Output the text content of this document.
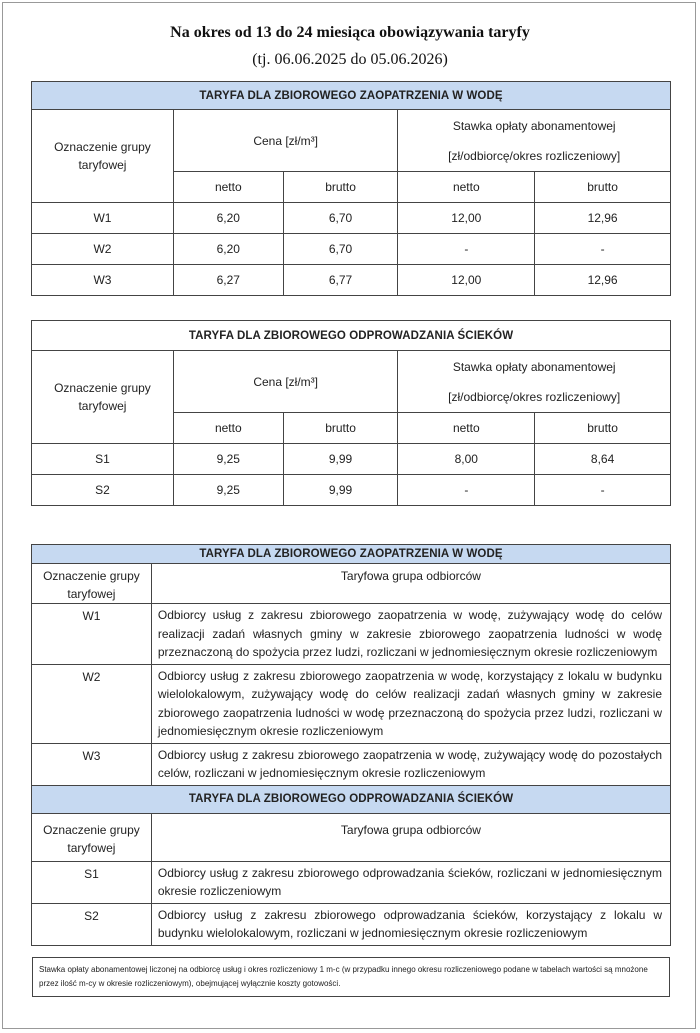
Na okres od 13 do 24 miesiąca obowiązywania taryfy
(tj. 06.06.2025 do 05.06.2026)
TARYFA DLA ZBIOROWEGO ZAOPATRZENIA W WODĘ				

Oznaczenie grupy taryfowej	Cena [zł/m³]		Stawka opłaty abonamentowej
[zł/odbiorcę/okres rozliczeniowy]	

	netto	brutto	netto	brutto
W1	6,20	6,70	12,00	12,96
W2	6,20	6,70	-	-
W3	6,27	6,77	12,00	12,96
TARYFA DLA ZBIOROWEGO ODPROWADZANIA ŚCIEKÓW				

Oznaczenie grupy taryfowej	Cena [zł/m³]		Stawka opłaty abonamentowej
[zł/odbiorcę/okres rozliczeniowy]	

	netto	brutto	netto	brutto
S1	9,25	9,99	8,00	8,64
S2	9,25	9,99	-	-
TARYFA DLA ZBIOROWEGO ZAOPATRZENIA W WODĘ	
Oznaczenie grupy taryfowej	Taryfowa grupa odbiorców
W1	Odbiorcy usług z zakresu zbiorowego zaopatrzenia w wodę, zużywający wodę do celów realizacji zadań własnych gminy w zakresie zbiorowego zaopatrzenia ludności w wodę przeznaczoną do spożycia przez ludzi, rozliczani w jednomiesięcznym okresie rozliczeniowym
W2	Odbiorcy usług z zakresu zbiorowego zaopatrzenia w wodę, korzystający z lokalu w budynku wielolokalowym, zużywający wodę do celów realizacji zadań własnych gminy w zakresie zbiorowego zaopatrzenia ludności w wodę przeznaczoną do spożycia przez ludzi, rozliczani w jednomiesięcznym okresie rozliczeniowym
W3	Odbiorcy usług z zakresu zbiorowego zaopatrzenia w wodę, zużywający wodę do pozostałych celów, rozliczani w jednomiesięcznym okresie rozliczeniowym
TARYFA DLA ZBIOROWEGO ODPROWADZANIA ŚCIEKÓW	
Oznaczenie grupy taryfowej	Taryfowa grupa odbiorców
S1	Odbiorcy usług z zakresu zbiorowego odprowadzania ścieków, rozliczani w jednomiesięcznym okresie rozliczeniowym
S2	Odbiorcy usług z zakresu zbiorowego odprowadzania ścieków, korzystający z lokalu w budynku wielolokalowym, rozliczani w jednomiesięcznym okresie rozliczeniowym
Stawka opłaty abonamentowej liczonej na odbiorcę usług i okres rozliczeniowy 1 m-c (w przypadku innego okresu rozliczeniowego podane w tabelach wartości są mnożone przez ilość m-cy w okresie rozliczeniowym), obejmującej wyłącznie koszty gotowości.
